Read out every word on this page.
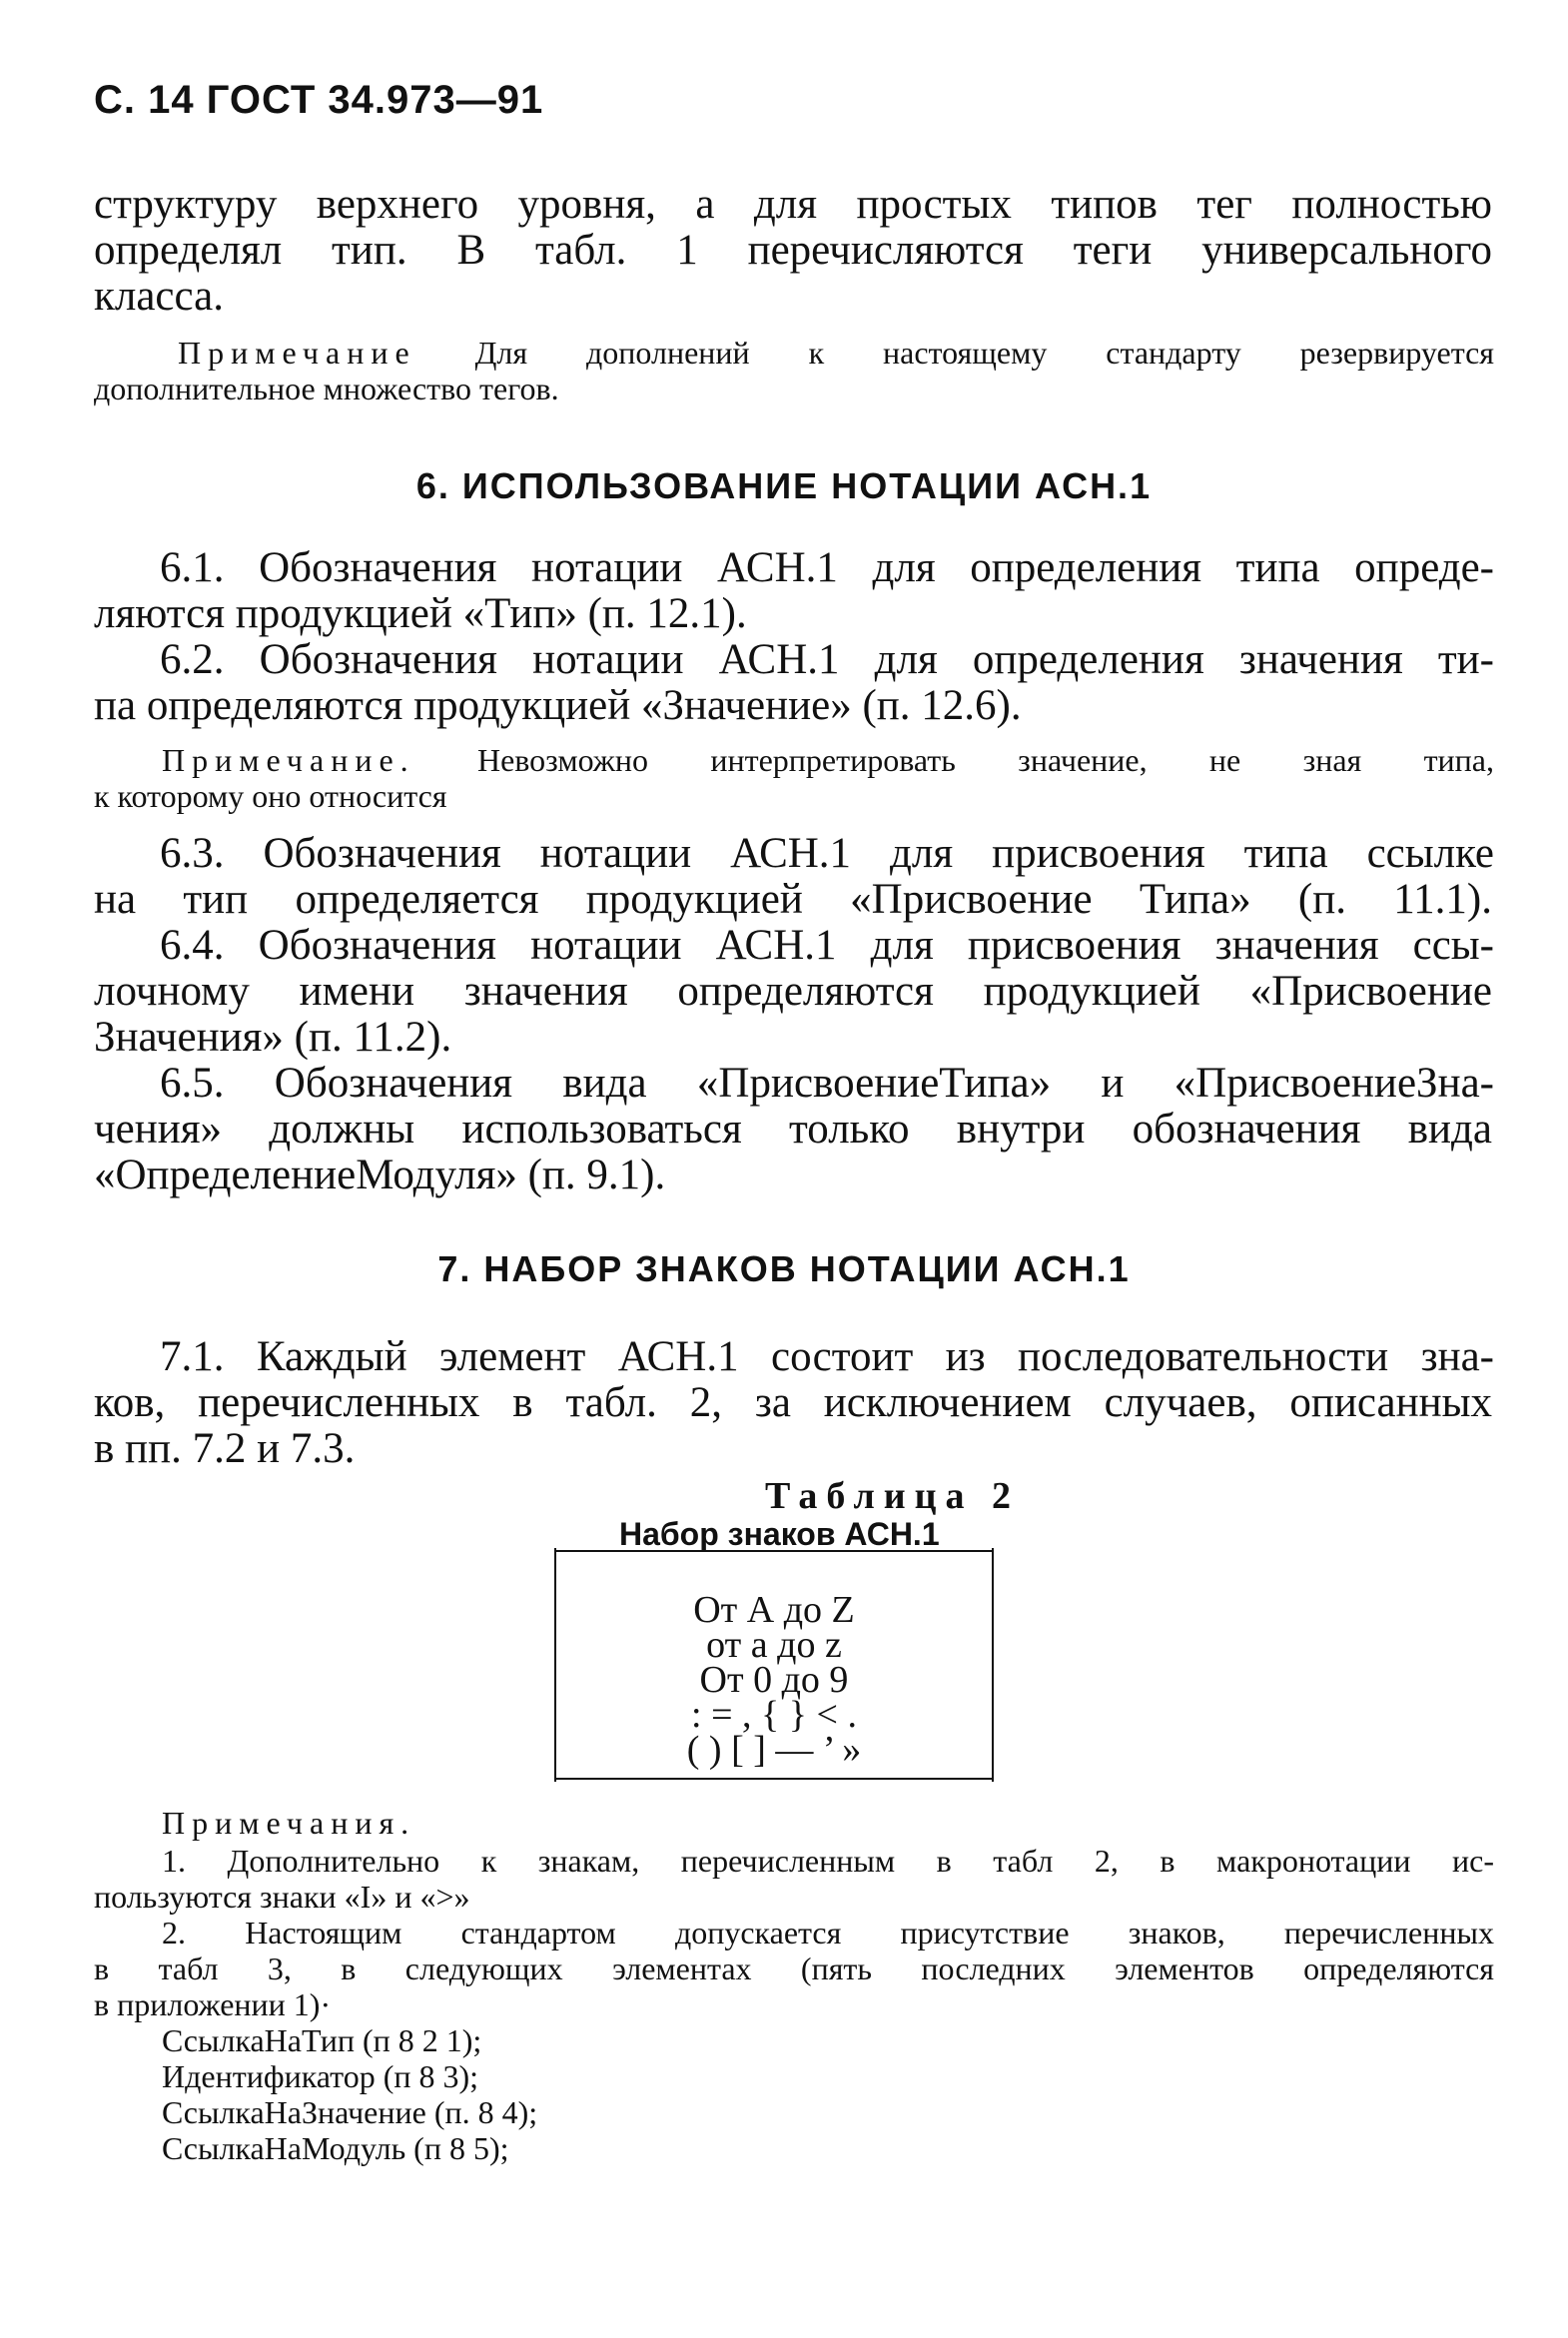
С. 14 ГОСТ 34.973—91
структуру верхнего уровня, а для простых типов тег полностью
определял тип. В табл. 1 перечисляются теги универсального
класса.
Примечание Для дополнений к настоящему стандарту резервируется
дополнительное множество тегов.
6. ИСПОЛЬЗОВАНИЕ НОТАЦИИ АСН.1
6.1. Обозначения нотации АСН.1 для определения типа опреде-
ляются продукцией «Тип» (п. 12.1).
6.2. Обозначения нотации АСН.1 для определения значения ти-
па определяются продукцией «Значение» (п. 12.6).
Примечание. Невозможно интерпретировать значение, не зная типа,
к которому оно относится
6.3. Обозначения нотации АСН.1 для присвоения типа ссылке
на тип определяется продукцией «Присвоение Типа» (п. 11.1).
6.4. Обозначения нотации АСН.1 для присвоения значения ссы-
лочному имени значения определяются продукцией «Присвоение
Значения» (п. 11.2).
6.5. Обозначения вида «ПрисвоениеТипа» и «ПрисвоениеЗна-
чения» должны использоваться только внутри обозначения вида
«ОпределениеМодуля» (п. 9.1).
7. НАБОР ЗНАКОВ НОТАЦИИ АСН.1
7.1. Каждый элемент АСН.1 состоит из последовательности зна-
ков, перечисленных в табл. 2, за исключением случаев, описанных
в пп. 7.2 и 7.3.
Таблица 2
Набор знаков АСН.1
От А до Z
от а до z
От 0 до 9
: = , { } < .
( ) [ ] — ’ »
Примечания.
1. Дополнительно к знакам, перечисленным в табл 2, в макронотации ис-
пользуются знаки «I» и «>»
2. Настоящим стандартом допускается присутствие знаков, перечисленных
в табл 3, в следующих элементах (пять последних элементов определяются
в приложении 1)·
СсылкаНаТип (п 8 2 1);
Идентификатор (п 8 3);
СсылкаНаЗначение (п. 8 4);
СсылкаНаМодуль (п 8 5);
